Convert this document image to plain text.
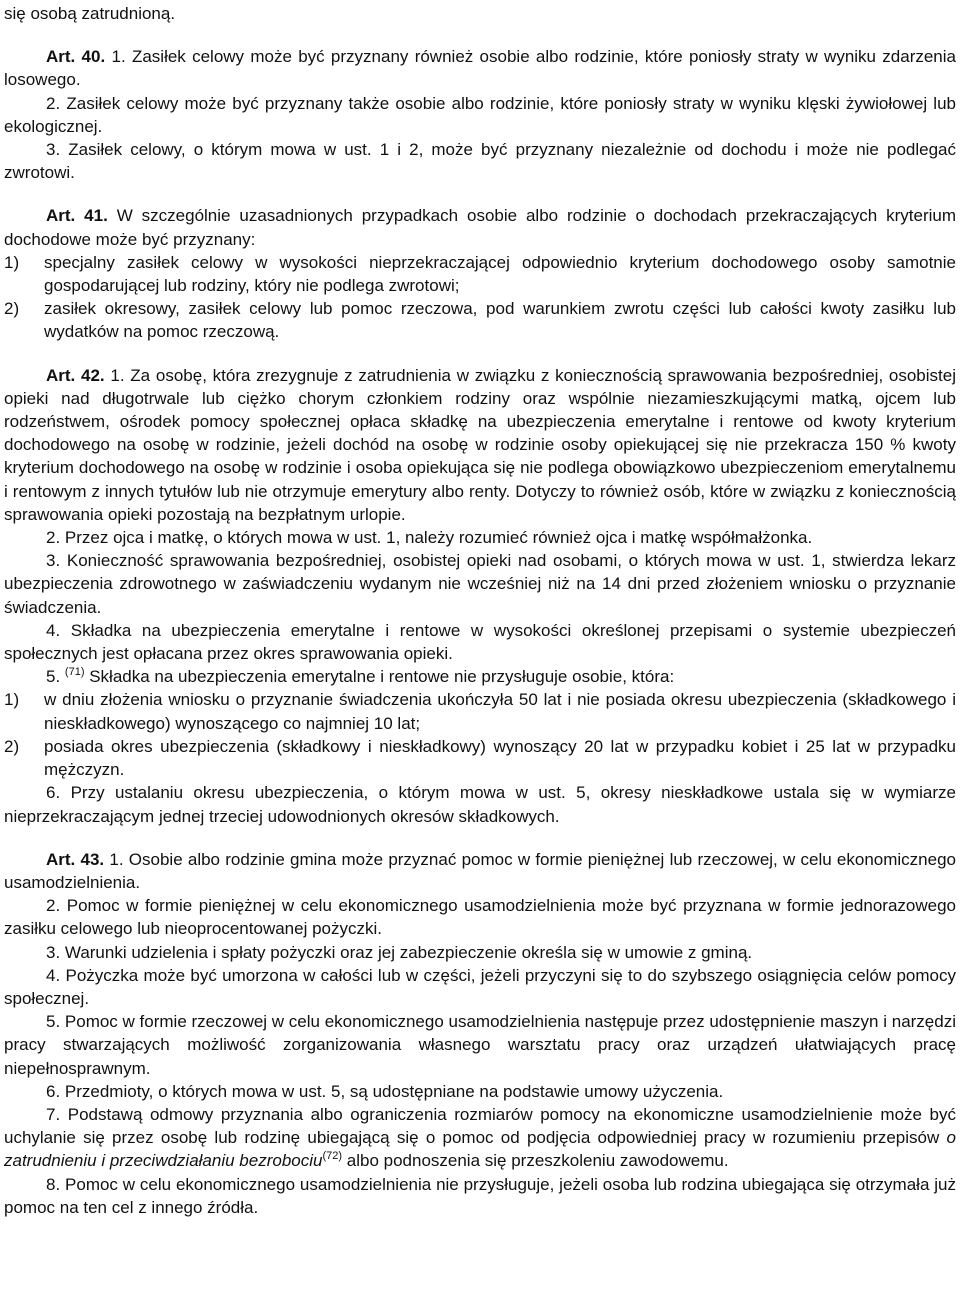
się osobą zatrudnioną.

Art. 40. 1. Zasiłek celowy może być przyznany również osobie albo rodzinie, które poniosły straty w wyniku zdarzenia losowego.

2. Zasiłek celowy może być przyznany także osobie albo rodzinie, które poniosły straty w wyniku klęski żywiołowej lub ekologicznej.

3. Zasiłek celowy, o którym mowa w ust. 1 i 2, może być przyznany niezależnie od dochodu i może nie podlegać zwrotowi.

Art. 41. W szczególnie uzasadnionych przypadkach osobie albo rodzinie o dochodach przekraczających kryterium dochodowe może być przyznany:

1)	specjalny zasiłek celowy w wysokości nieprzekraczającej odpowiednio kryterium dochodowego osoby samotnie gospodarującej lub rodziny, który nie podlega zwrotowi;
2)	zasiłek okresowy, zasiłek celowy lub pomoc rzeczowa, pod warunkiem zwrotu części lub całości kwoty zasiłku lub wydatków na pomoc rzeczową.

Art. 42. 1. Za osobę, która zrezygnuje z zatrudnienia w związku z koniecznością sprawowania bezpośredniej, osobistej opieki nad długotrwale lub ciężko chorym członkiem rodziny oraz wspólnie niezamieszkującymi matką, ojcem lub rodzeństwem, ośrodek pomocy społecznej opłaca składkę na ubezpieczenia emerytalne i rentowe od kwoty kryterium dochodowego na osobę w rodzinie, jeżeli dochód na osobę w rodzinie osoby opiekującej się nie przekracza 150 % kwoty kryterium dochodowego na osobę w rodzinie i osoba opiekująca się nie podlega obowiązkowo ubezpieczeniom emerytalnemu i rentowym z innych tytułów lub nie otrzymuje emerytury albo renty. Dotyczy to również osób, które w związku z koniecznością sprawowania opieki pozostają na bezpłatnym urlopie.

2. Przez ojca i matkę, o których mowa w ust. 1, należy rozumieć również ojca i matkę współmałżonka.

3. Konieczność sprawowania bezpośredniej, osobistej opieki nad osobami, o których mowa w ust. 1, stwierdza lekarz ubezpieczenia zdrowotnego w zaświadczeniu wydanym nie wcześniej niż na 14 dni przed złożeniem wniosku o przyznanie świadczenia.

4. Składka na ubezpieczenia emerytalne i rentowe w wysokości określonej przepisami o systemie ubezpieczeń społecznych jest opłacana przez okres sprawowania opieki.

5. $^{(71)}$ Składka na ubezpieczenia emerytalne i rentowe nie przysługuje osobie, która:

1)	w dniu złożenia wniosku o przyznanie świadczenia ukończyła 50 lat i nie posiada okresu ubezpieczenia (składkowego i nieskładkowego) wynoszącego co najmniej 10 lat;
2)	posiada okres ubezpieczenia (składkowy i nieskładkowy) wynoszący 20 lat w przypadku kobiet i 25 lat w przypadku mężczyzn.

6. Przy ustalaniu okresu ubezpieczenia, o którym mowa w ust. 5, okresy nieskładkowe ustala się w wymiarze nieprzekraczającym jednej trzeciej udowodnionych okresów składkowych.

Art. 43. 1. Osobie albo rodzinie gmina może przyznać pomoc w formie pieniężnej lub rzeczowej, w celu ekonomicznego usamodzielnienia.

2. Pomoc w formie pieniężnej w celu ekonomicznego usamodzielnienia może być przyznana w formie jednorazowego zasiłku celowego lub nieoprocentowanej pożyczki.

3. Warunki udzielenia i spłaty pożyczki oraz jej zabezpieczenie określa się w umowie z gminą.

4. Pożyczka może być umorzona w całości lub w części, jeżeli przyczyni się to do szybszego osiągnięcia celów pomocy społecznej.

5. Pomoc w formie rzeczowej w celu ekonomicznego usamodzielnienia następuje przez udostępnienie maszyn i narzędzi pracy stwarzających możliwość zorganizowania własnego warsztatu pracy oraz urządzeń ułatwiających pracę niepełnosprawnym.

6. Przedmioty, o których mowa w ust. 5, są udostępniane na podstawie umowy użyczenia.

7. Podstawą odmowy przyznania albo ograniczenia rozmiarów pomocy na ekonomiczne usamodzielnienie może być uchylanie się przez osobę lub rodzinę ubiegającą się o pomoc od podjęcia odpowiedniej pracy w rozumieniu przepisów o zatrudnieniu i przeciwdziałaniu bezrobociu$^{(72)}$ albo podnoszenia się przeszkoleniu zawodowemu.

8. Pomoc w celu ekonomicznego usamodzielnienia nie przysługuje, jeżeli osoba lub rodzina ubiegająca się otrzymała już pomoc na ten cel z innego źródła.
